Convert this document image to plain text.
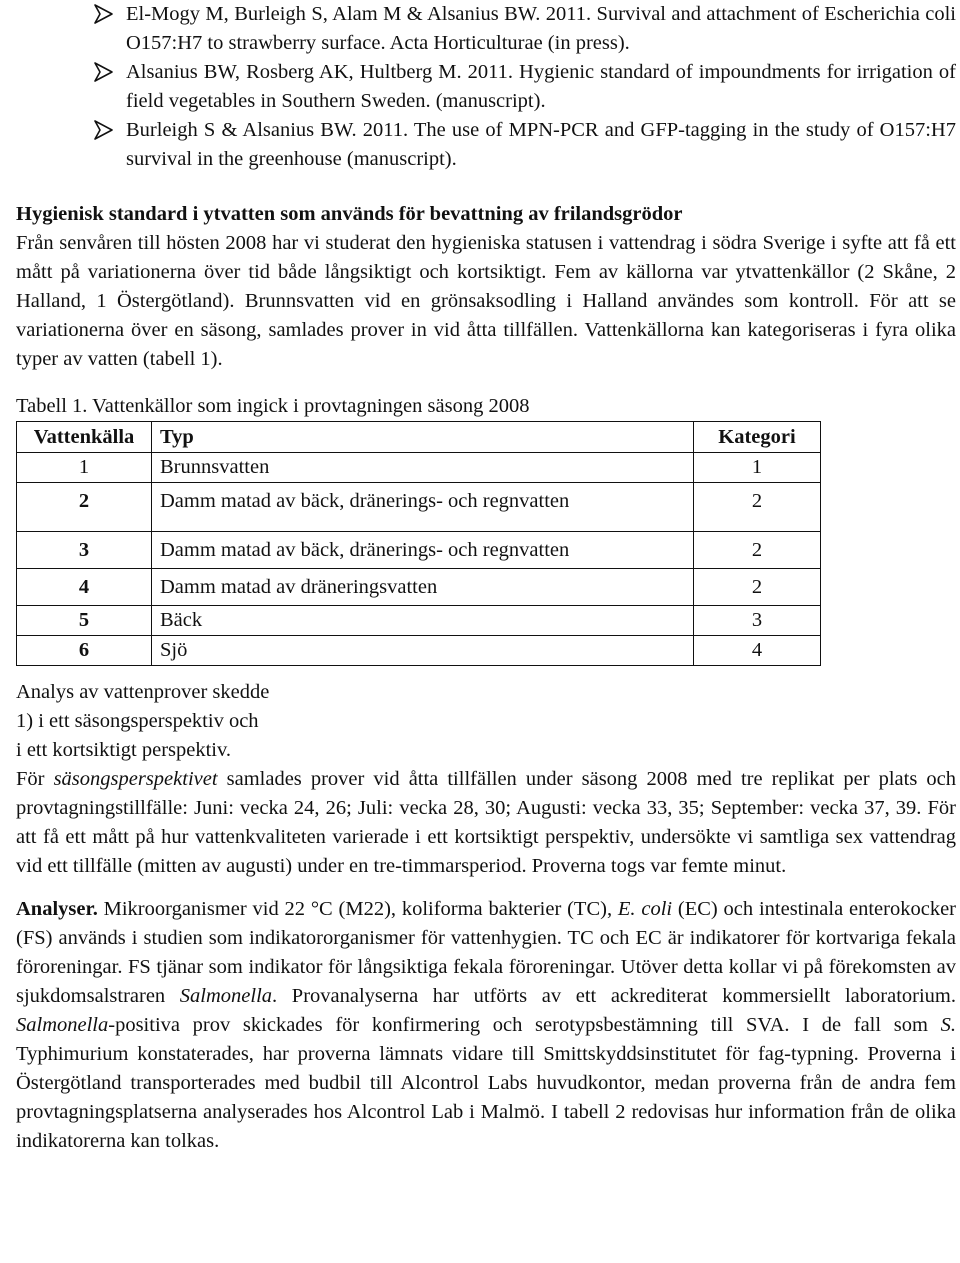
El-Mogy M, Burleigh S, Alam M & Alsanius BW. 2011. Survival and attachment of Escherichia coli O157:H7 to strawberry surface. Acta Horticulturae (in press).
Alsanius BW, Rosberg AK, Hultberg M. 2011. Hygienic standard of impoundments for irrigation of field vegetables in Southern Sweden. (manuscript).
Burleigh S & Alsanius BW. 2011. The use of MPN-PCR and GFP-tagging in the study of O157:H7 survival in the greenhouse (manuscript).
Hygienisk standard i ytvatten som används för bevattning av frilandsgrödor
Från senvåren till hösten 2008 har vi studerat den hygieniska statusen i vattendrag i södra Sverige i syfte att få ett mått på variationerna över tid både långsiktigt och kortsiktigt. Fem av källorna var ytvattenkällor (2 Skåne, 2 Halland, 1 Östergötland). Brunnsvatten vid en grönsaksodling i Halland användes som kontroll. För att se variationerna över en säsong, samlades prover in vid åtta tillfällen. Vattenkällorna kan kategoriseras i fyra olika typer av vatten (tabell 1).
Tabell 1. Vattenkällor som ingick i provtagningen säsong 2008
Vattenkälla	Typ	Kategori
1	Brunnsvatten	1
2	Damm matad av bäck, dränerings- och regnvatten	2
3	Damm matad av bäck, dränerings- och regnvatten	2
4	Damm matad av dräneringsvatten	2
5	Bäck	3
6	Sjö	4
Analys av vattenprover skedde
1) i ett säsongsperspektiv och
i ett kortsiktigt perspektiv.
För säsongsperspektivet samlades prover vid åtta tillfällen under säsong 2008 med tre replikat per plats och provtagningstillfälle: Juni: vecka 24, 26; Juli: vecka 28, 30; Augusti: vecka 33, 35; September: vecka 37, 39. För att få ett mått på hur vattenkvaliteten varierade i ett kortsiktigt perspektiv, undersökte vi samtliga sex vattendrag vid ett tillfälle (mitten av augusti) under en tre-timmarsperiod. Proverna togs var femte minut.
Analyser. Mikroorganismer vid 22 °C (M22), koliforma bakterier (TC), E. coli (EC) och intestinala enterokocker (FS) används i studien som indikatororganismer för vattenhygien. TC och EC är indikatorer för kortvariga fekala föroreningar. FS tjänar som indikator för långsiktiga fekala föroreningar. Utöver detta kollar vi på förekomsten av sjukdomsalstraren Salmonella. Provanalyserna har utförts av ett ackrediterat kommersiellt laboratorium. Salmonella-positiva prov skickades för konfirmering och serotypsbestämning till SVA. I de fall som S. Typhimurium konstaterades, har proverna lämnats vidare till Smittskyddsinstitutet för fag-typning. Proverna i Östergötland transporterades med budbil till Alcontrol Labs huvudkontor, medan proverna från de andra fem provtagningsplatserna analyserades hos Alcontrol Lab i Malmö. I tabell 2 redovisas hur information från de olika indikatorerna kan tolkas.
